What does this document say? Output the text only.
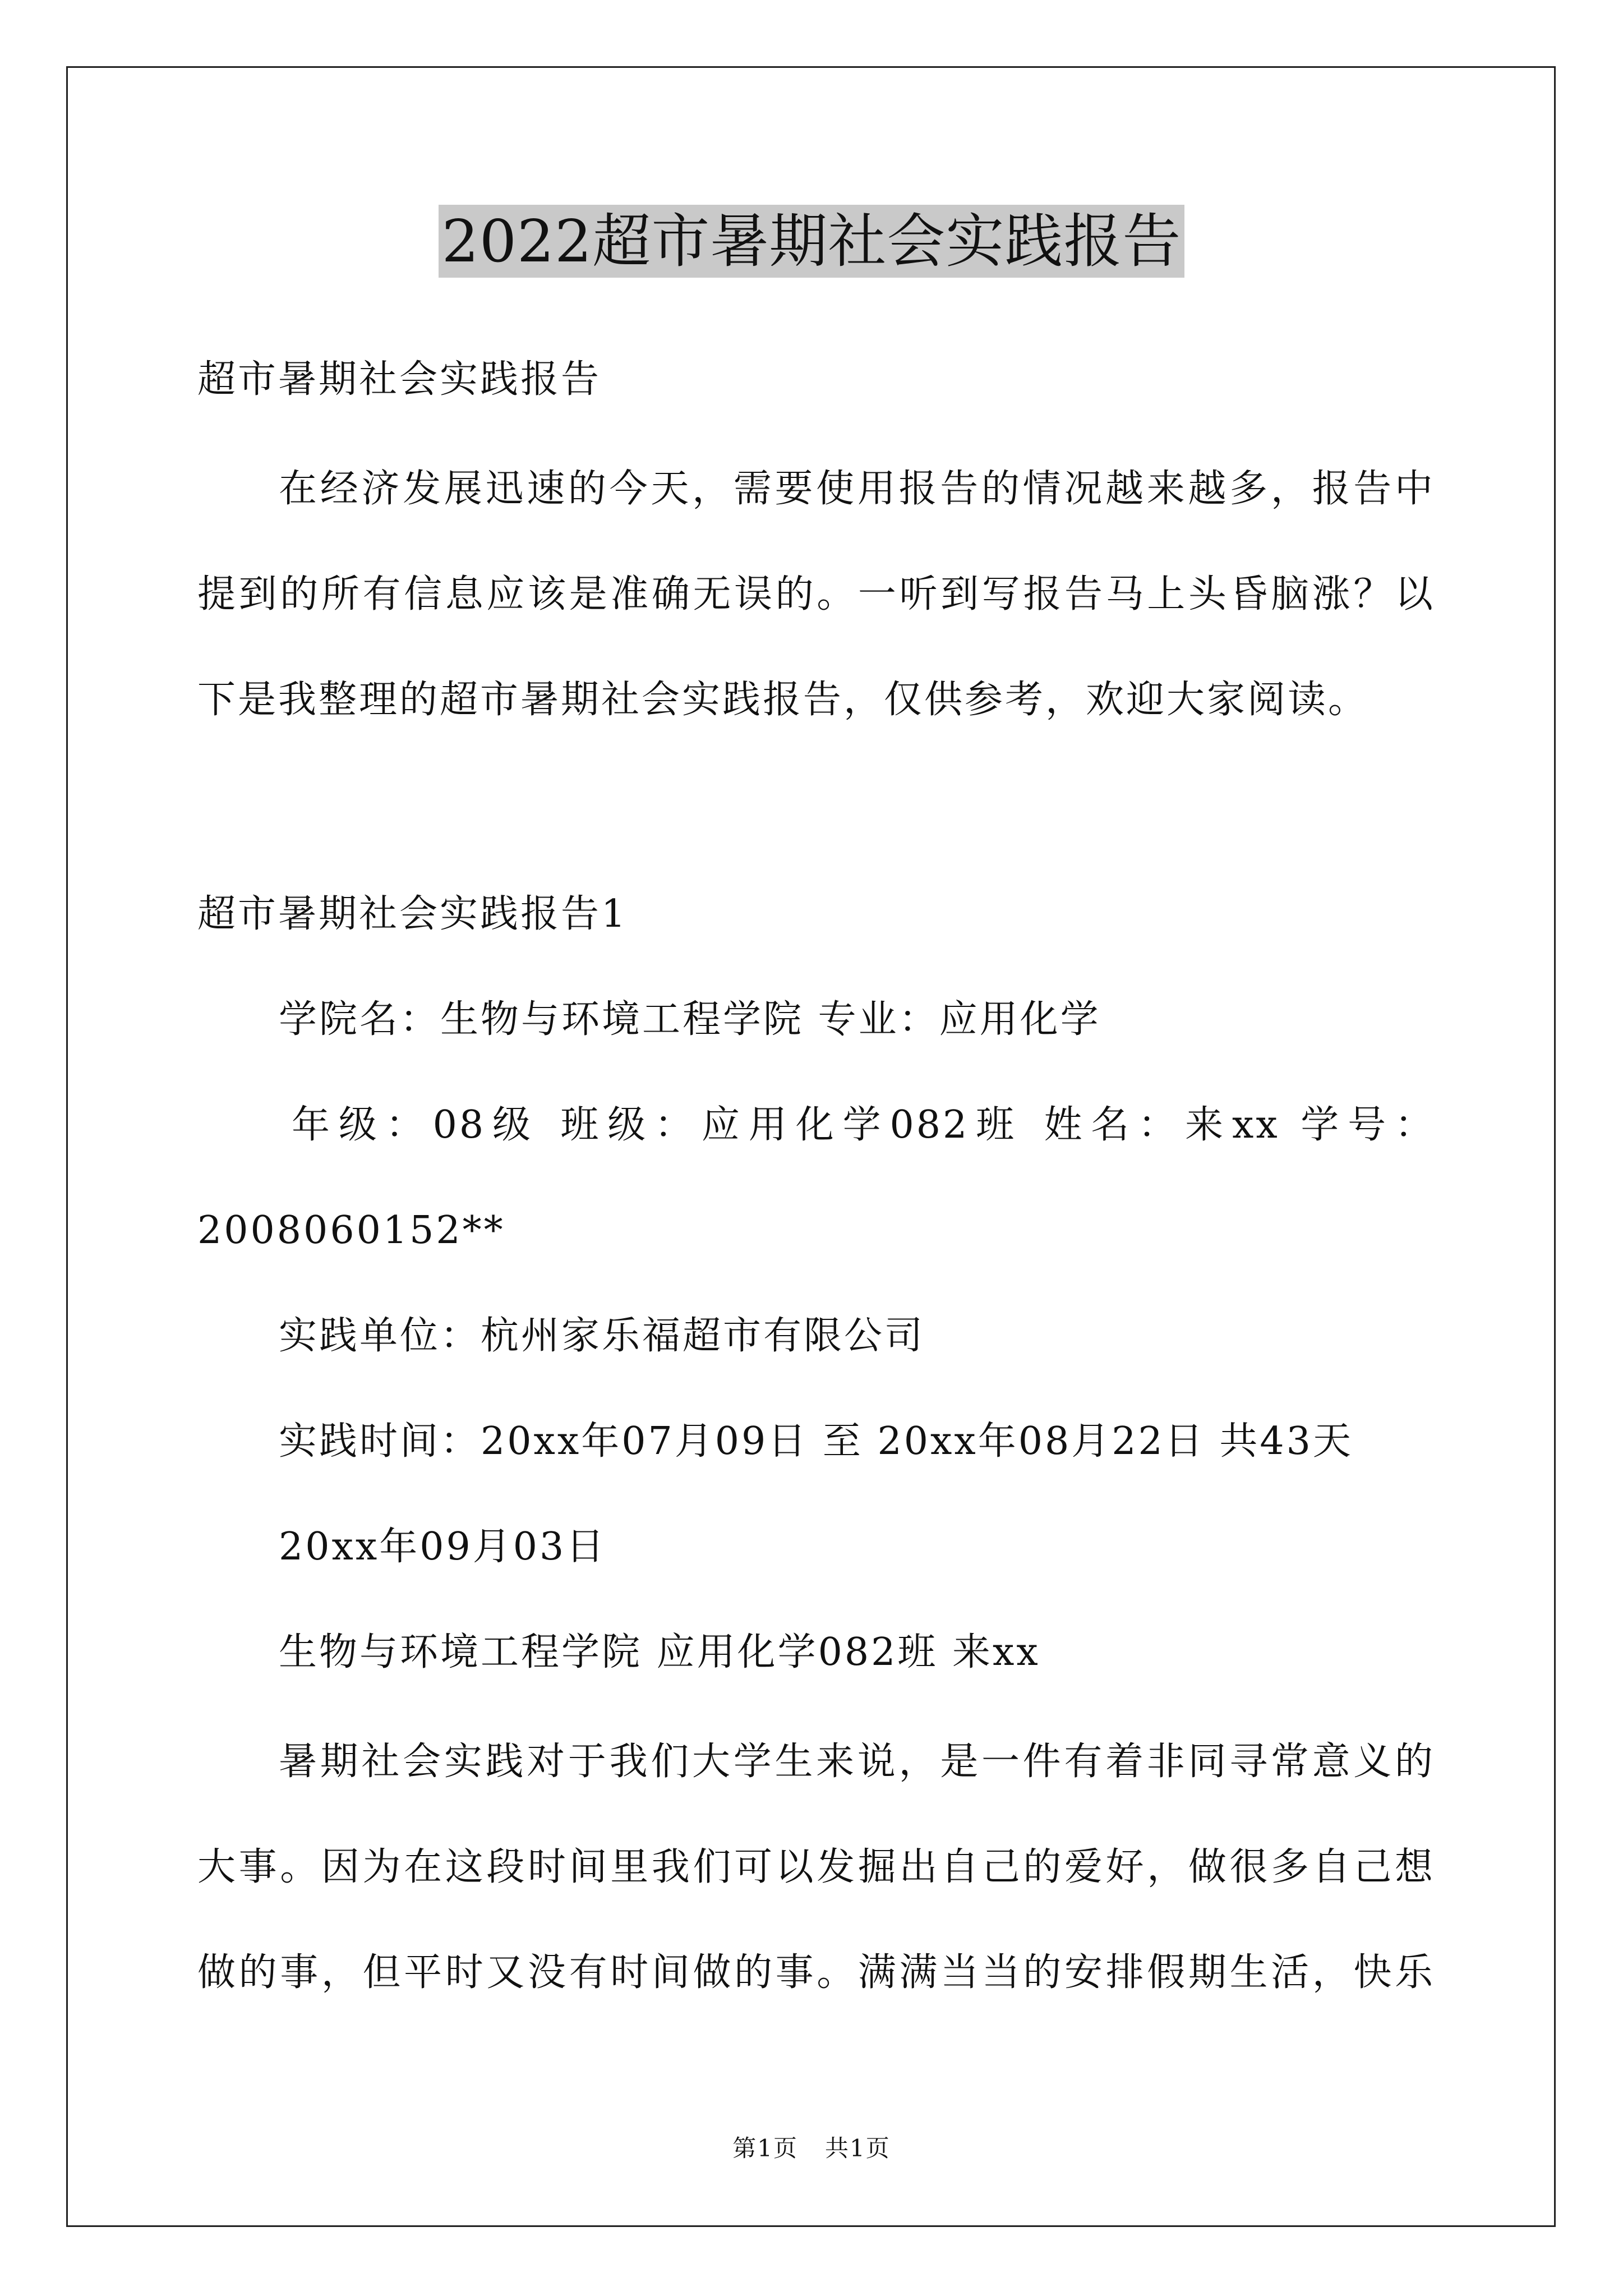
2022超市暑期社会实践报告
超市暑期社会实践报告
在经济发展迅速的今天，需要使用报告的情况越来越多，报告中
提到的所有信息应该是准确无误的。一听到写报告马上头昏脑涨？以
下是我整理的超市暑期社会实践报告，仅供参考，欢迎大家阅读。
超市暑期社会实践报告1
学院名：生物与环境工程学院 专业：应用化学
年级：08级 班级：应用化学082班 姓名：来xx 学号：
2008060152**
实践单位：杭州家乐福超市有限公司
实践时间：20xx年07月09日 至 20xx年08月22日 共43天
20xx年09月03日
生物与环境工程学院 应用化学082班 来xx
暑期社会实践对于我们大学生来说，是一件有着非同寻常意义的
大事。因为在这段时间里我们可以发掘出自己的爱好，做很多自己想
做的事，但平时又没有时间做的事。满满当当的安排假期生活，快乐
第1页 共1页
